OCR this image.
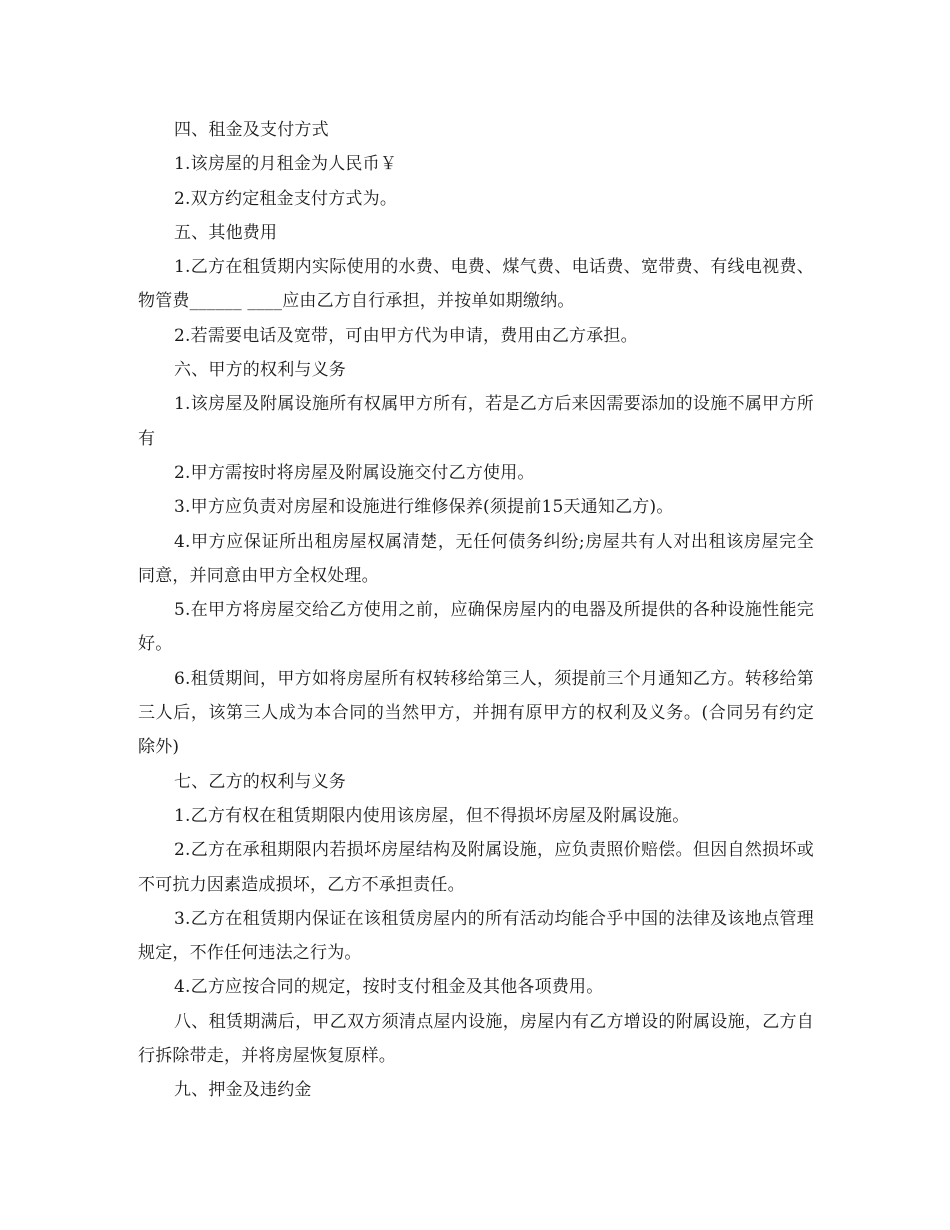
四、租金及支付方式

1.该房屋的月租金为人民币￥

2.双方约定租金支付方式为。

五、其他费用

1.乙方在租赁期内实际使用的水费、电费、煤气费、电话费、宽带费、有线电视费、物管费______ ____应由乙方自行承担，并按单如期缴纳。

2.若需要电话及宽带，可由甲方代为申请，费用由乙方承担。

六、甲方的权利与义务

1.该房屋及附属设施所有权属甲方所有，若是乙方后来因需要添加的设施不属甲方所有

2.甲方需按时将房屋及附属设施交付乙方使用。

3.甲方应负责对房屋和设施进行维修保养(须提前15天通知乙方)。

4.甲方应保证所出租房屋权属清楚，无任何债务纠纷;房屋共有人对出租该房屋完全同意，并同意由甲方全权处理。

5.在甲方将房屋交给乙方使用之前，应确保房屋内的电器及所提供的各种设施性能完好。

6.租赁期间，甲方如将房屋所有权转移给第三人，须提前三个月通知乙方。转移给第三人后，该第三人成为本合同的当然甲方，并拥有原甲方的权利及义务。(合同另有约定除外)

七、乙方的权利与义务

1.乙方有权在租赁期限内使用该房屋，但不得损坏房屋及附属设施。

2.乙方在承租期限内若损坏房屋结构及附属设施，应负责照价赔偿。但因自然损坏或不可抗力因素造成损坏，乙方不承担责任。

3.乙方在租赁期内保证在该租赁房屋内的所有活动均能合乎中国的法律及该地点管理规定，不作任何违法之行为。

4.乙方应按合同的规定，按时支付租金及其他各项费用。

八、租赁期满后，甲乙双方须清点屋内设施，房屋内有乙方增设的附属设施，乙方自行拆除带走，并将房屋恢复原样。

九、押金及违约金
